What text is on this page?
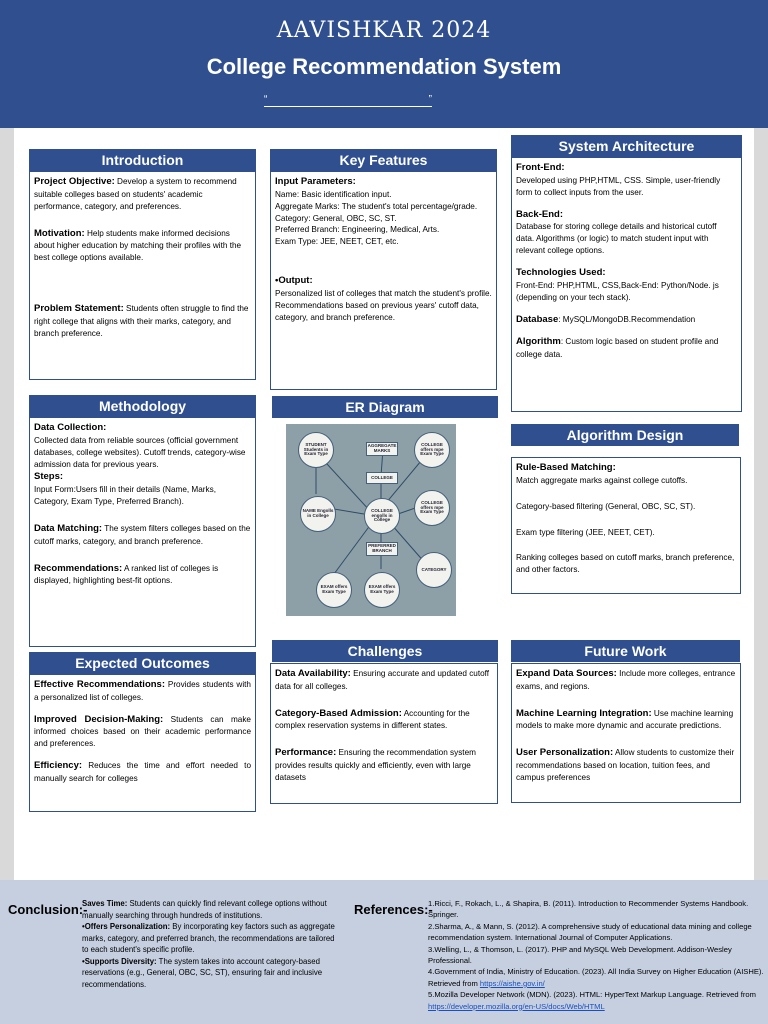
AAVISHKAR 2024
College Recommendation System
“	”
Introduction

Project Objective: Develop a system to recommend suitable colleges based on students' academic performance, category, and preferences.

Motivation: Help students make informed decisions about higher education by matching their profiles with the best college options available.

Problem Statement: Students often struggle to find the right college that aligns with their marks, category, and branch preference.

Key Features

Input Parameters:

Name: Basic identification input.

Aggregate Marks: The student's total percentage/grade.

Category: General, OBC, SC, ST.

Preferred Branch: Engineering, Medical, Arts.

Exam Type: JEE, NEET, CET, etc.

•Output:

Personalized list of colleges that match the student's profile. Recommendations based on previous years' cutoff data, category, and branch preference.

System Architecture

Front-End:

Developed using PHP,HTML, CSS. Simple, user-friendly form to collect inputs from the user.

Back-End:

Database for storing college details and historical cutoff data. Algorithms (or logic) to match student input with relevant college options.

Technologies Used:

Front-End: PHP,HTML, CSS,Back-End: Python/Node. js (depending on your tech stack).

Database: MySQL/MongoDB.Recommendation

Algorithm: Custom logic based on student profile and college data.

Methodology

Data Collection:

Collected data from reliable sources (official government databases, college websites). Cutoff trends, category-wise admission data for previous years.

Steps:

Input Form:Users fill in their details (Name, Marks, Category, Exam Type, Preferred Branch).

Data Matching: The system filters colleges based on the cutoff marks, category, and branch preference.

Recommendations: A ranked list of colleges is displayed, highlighting best-fit options.

ER Diagram
STUDENT Students in Exam Type
AGGREGATE MARKS
COLLEGE offers mpe Exam Type
COLLEGE
NAME Engolls in College
COLLEGE engolls in College
COLLEGE offers mpe Exam Type
PREFERRED BRANCH
CATEGORY
EXAM offers Exam Type
EXAM offers Exam Type
Algorithm Design

Rule-Based Matching:

Match aggregate marks against college cutoffs.

Category-based filtering (General, OBC, SC, ST).

Exam type filtering (JEE, NEET, CET).

Ranking colleges based on cutoff marks, branch preference, and other factors.

Expected Outcomes

Effective Recommendations: Provides students with a personalized list of colleges.

Improved Decision-Making: Students can make informed choices based on their academic performance and preferences.

Efficiency: Reduces the time and effort needed to manually search for colleges

Challenges

Data Availability: Ensuring accurate and updated cutoff data for all colleges.

Category-Based Admission: Accounting for the complex reservation systems in different states.

Performance: Ensuring the recommendation system provides results quickly and efficiently, even with large datasets

Future Work

Expand Data Sources: Include more colleges, entrance exams, and regions.

Machine Learning Integration: Use machine learning models to make more dynamic and accurate predictions.

User Personalization: Allow students to customize their recommendations based on location, tuition fees, and campus preferences

Conclusion:-

Saves Time: Students can quickly find relevant college options without manually searching through hundreds of institutions.

•Offers Personalization: By incorporating key factors such as aggregate marks, category, and preferred branch, the recommendations are tailored to each student's specific profile.

•Supports Diversity: The system takes into account category-based reservations (e.g., General, OBC, SC, ST), ensuring fair and inclusive recommendations.

References:-

1.Ricci, F., Rokach, L., & Shapira, B. (2011). Introduction to Recommender Systems Handbook. Springer.

2.Sharma, A., & Mann, S. (2012). A comprehensive study of educational data mining and college recommendation system. International Journal of Computer Applications.

3.Welling, L., & Thomson, L. (2017). PHP and MySQL Web Development. Addison-Wesley Professional.

4.Government of India, Ministry of Education. (2023). All India Survey on Higher Education (AISHE). Retrieved from https://aishe.gov.in/

5.Mozilla Developer Network (MDN). (2023). HTML: HyperText Markup Language. Retrieved from https://developer.mozilla.org/en-US/docs/Web/HTML
